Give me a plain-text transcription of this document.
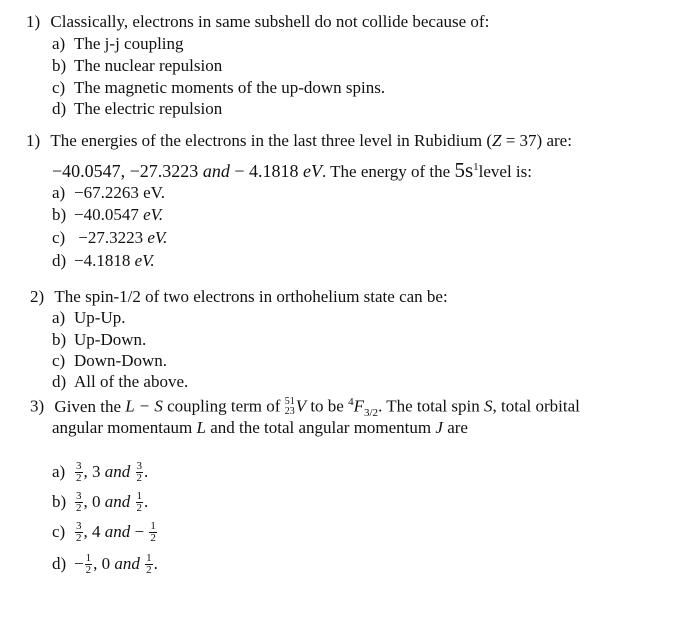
1) Classically, electrons in same subshell do not collide because of:
a) The j-j coupling
b) The nuclear repulsion
c) The magnetic moments of the up-down spins.
d) The electric repulsion
1) The energies of the electrons in the last three level in Rubidium (Z = 37) are:
−40.0547, −27.3223 and − 4.1818 eV. The energy of the $5s^1level$ is:
a) −67.2263 eV.
b) −40.0547 eV.
c) −27.3223 eV.
d) −4.1818 eV.
2) The spin-1/2 of two electrons in orthohelium state can be:
a) Up-Up.
b) Up-Down.
c) Down-Down.
d) All of the above.
3) Given the L − S coupling term of 51
23 V to be $^4F_{3/2}$. The total spin S, total orbital
angular momentaum L and the total angular momentum J are
$a) \frac{3}{2}$ , 3 and $\frac{3}{2}$ .
$b) \frac{3}{2}$ , 0 and $\frac{1}{2}$ .
$c) \frac{3}{2}$ , 4 and − $\frac{1}{2}$
$d) - \frac{1}{2}$ , 0 and $\frac{1}{2}$ .
